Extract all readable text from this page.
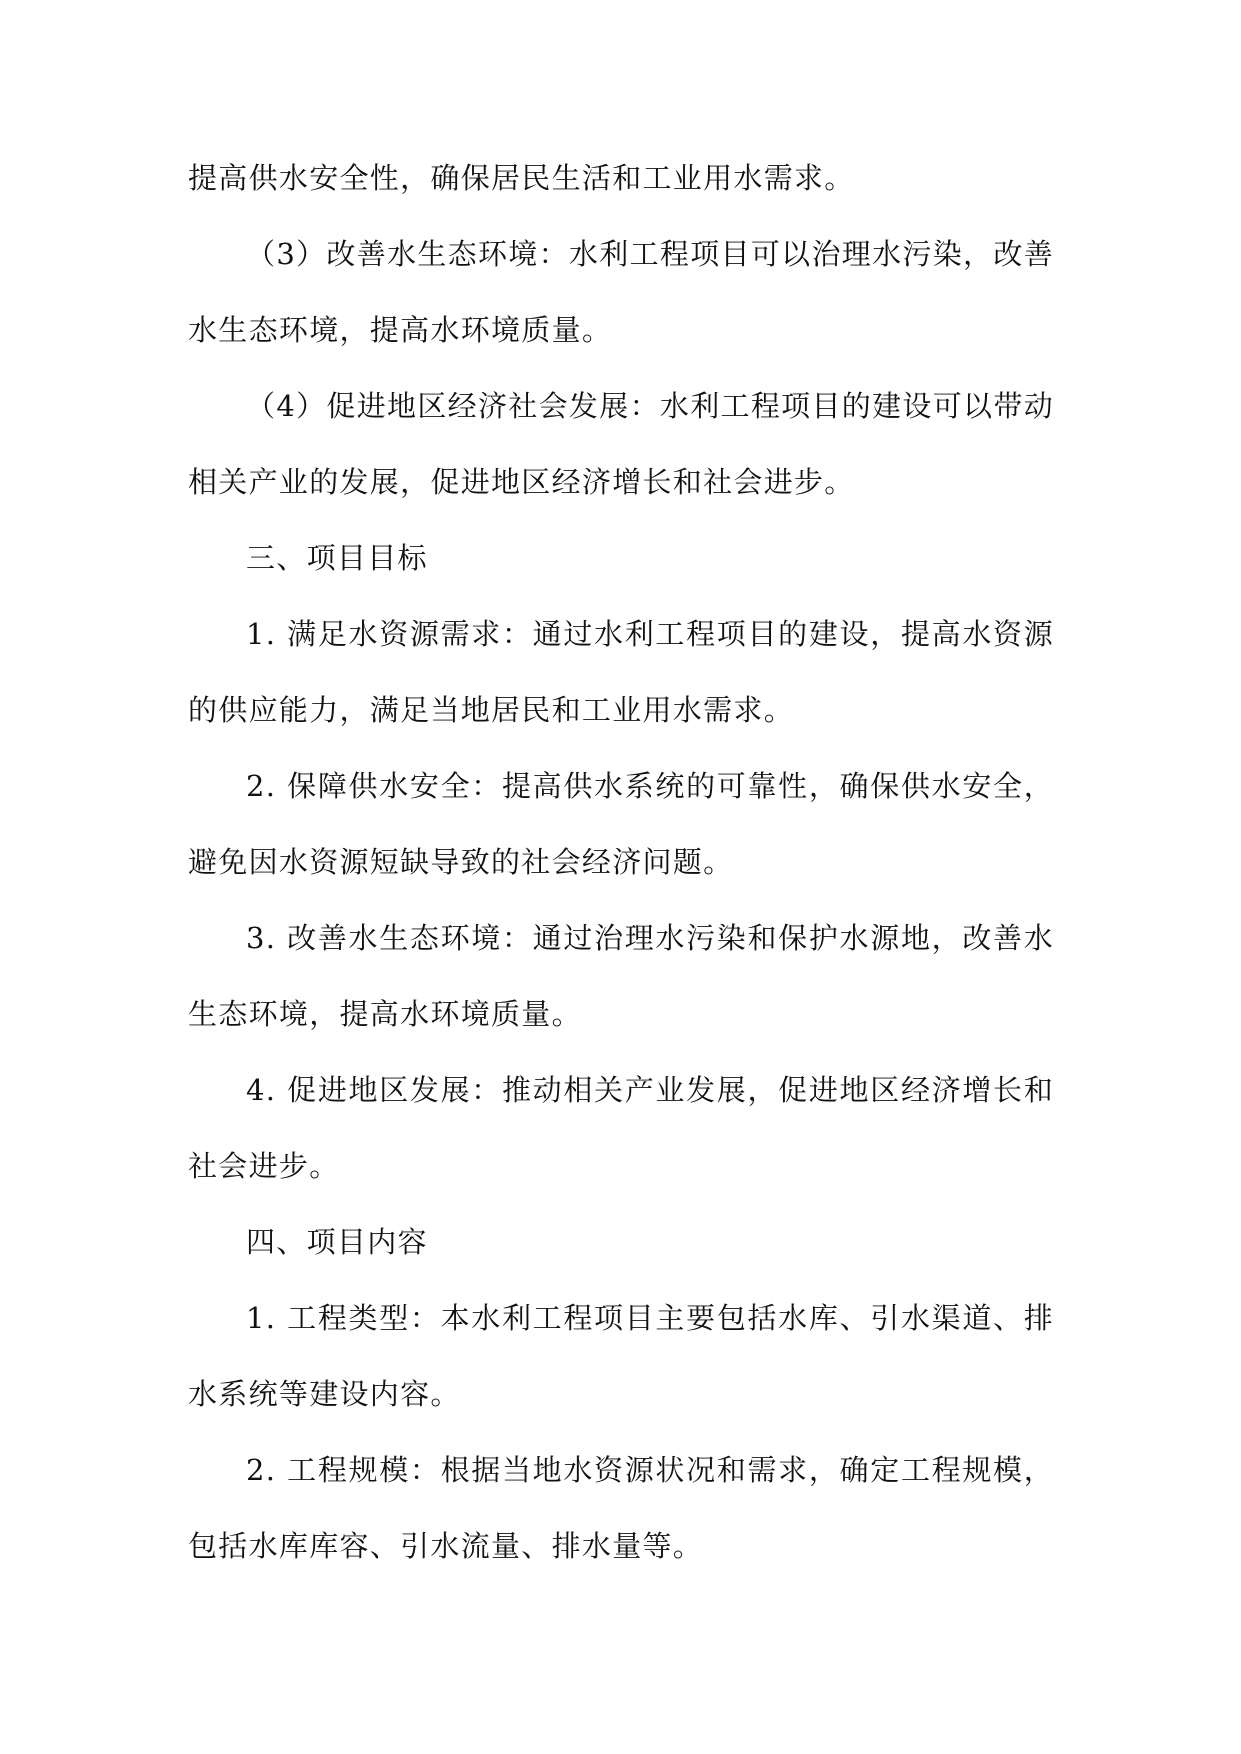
提高供水安全性，确保居民生活和工业用水需求。

（3）改善水生态环境：水利工程项目可以治理水污染，改善水生态环境，提高水环境质量。

（4）促进地区经济社会发展：水利工程项目的建设可以带动相关产业的发展，促进地区经济增长和社会进步。

三、项目目标

1. 满足水资源需求：通过水利工程项目的建设，提高水资源的供应能力，满足当地居民和工业用水需求。

2. 保障供水安全：提高供水系统的可靠性，确保供水安全，避免因水资源短缺导致的社会经济问题。

3. 改善水生态环境：通过治理水污染和保护水源地，改善水生态环境，提高水环境质量。

4. 促进地区发展：推动相关产业发展，促进地区经济增长和社会进步。

四、项目内容

1. 工程类型：本水利工程项目主要包括水库、引水渠道、排水系统等建设内容。

2. 工程规模：根据当地水资源状况和需求，确定工程规模，包括水库库容、引水流量、排水量等。
